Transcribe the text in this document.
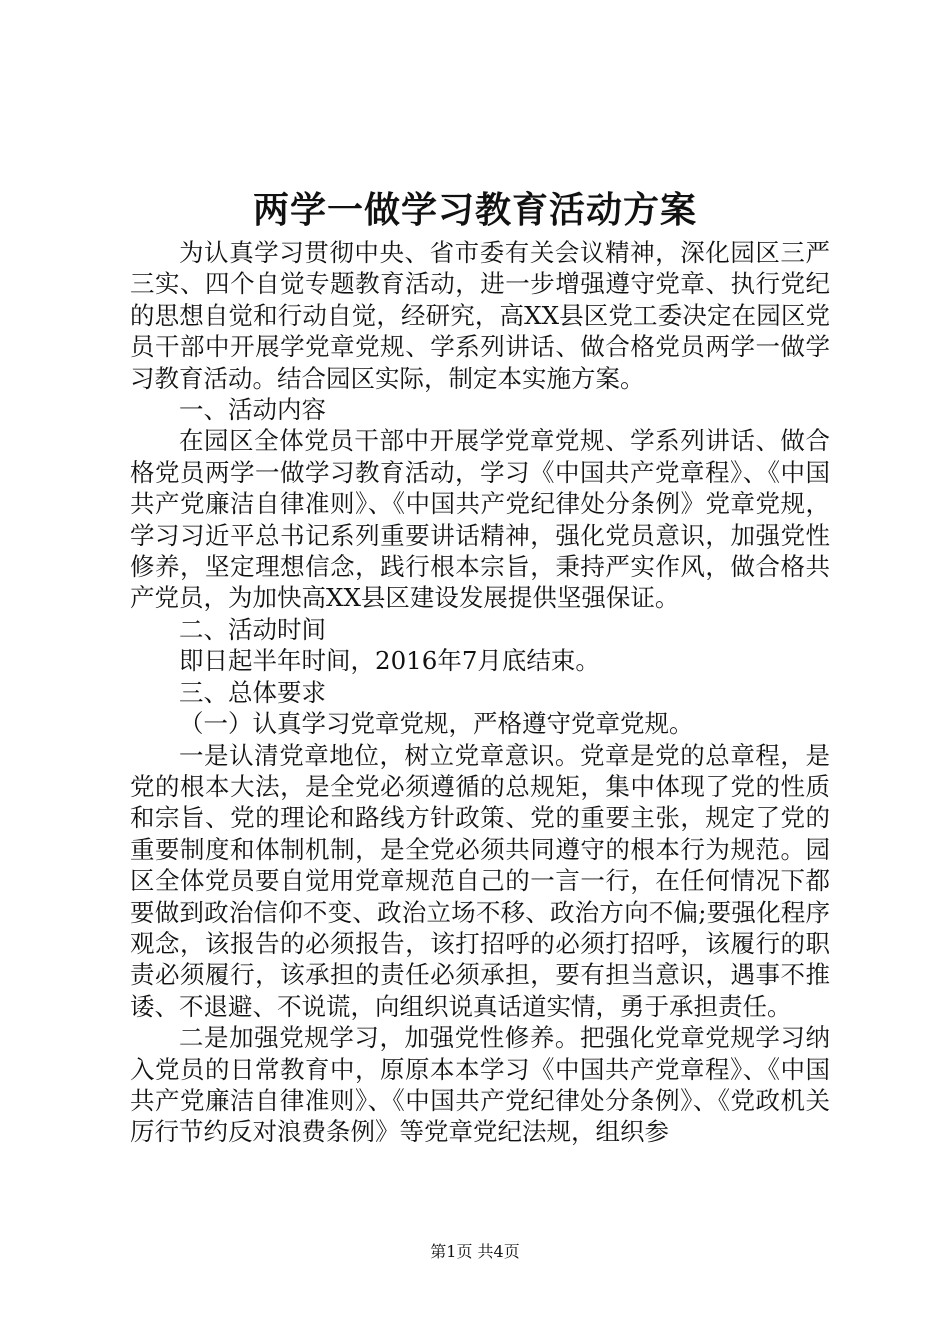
两学一做学习教育活动方案

为认真学习贯彻中央、省市委有关会议精神，深化园区三严三实、四个自觉专题教育活动，进一步增强遵守党章、执行党纪的思想自觉和行动自觉，经研究，高XX县区党工委决定在园区党员干部中开展学党章党规、学系列讲话、做合格党员两学一做学习教育活动。结合园区实际，制定本实施方案。

一、活动内容

在园区全体党员干部中开展学党章党规、学系列讲话、做合格党员两学一做学习教育活动，学习《中国共产党章程》、《中国共产党廉洁自律准则》、《中国共产党纪律处分条例》党章党规，学习习近平总书记系列重要讲话精神，强化党员意识，加强党性修养，坚定理想信念，践行根本宗旨，秉持严实作风，做合格共产党员，为加快高XX县区建设发展提供坚强保证。

二、活动时间

即日起半年时间，2016年7月底结束。

三、总体要求

（一）认真学习党章党规，严格遵守党章党规。

一是认清党章地位，树立党章意识。党章是党的总章程，是党的根本大法，是全党必须遵循的总规矩，集中体现了党的性质和宗旨、党的理论和路线方针政策、党的重要主张，规定了党的重要制度和体制机制，是全党必须共同遵守的根本行为规范。园区全体党员要自觉用党章规范自己的一言一行，在任何情况下都要做到政治信仰不变、政治立场不移、政治方向不偏;要强化程序观念，该报告的必须报告，该打招呼的必须打招呼，该履行的职责必须履行，该承担的责任必须承担，要有担当意识，遇事不推诿、不退避、不说谎，向组织说真话道实情，勇于承担责任。

二是加强党规学习，加强党性修养。把强化党章党规学习纳入党员的日常教育中，原原本本学习《中国共产党章程》、《中国共产党廉洁自律准则》、《中国共产党纪律处分条例》、《党政机关厉行节约反对浪费条例》等党章党纪法规，组织参

第1页 共4页
